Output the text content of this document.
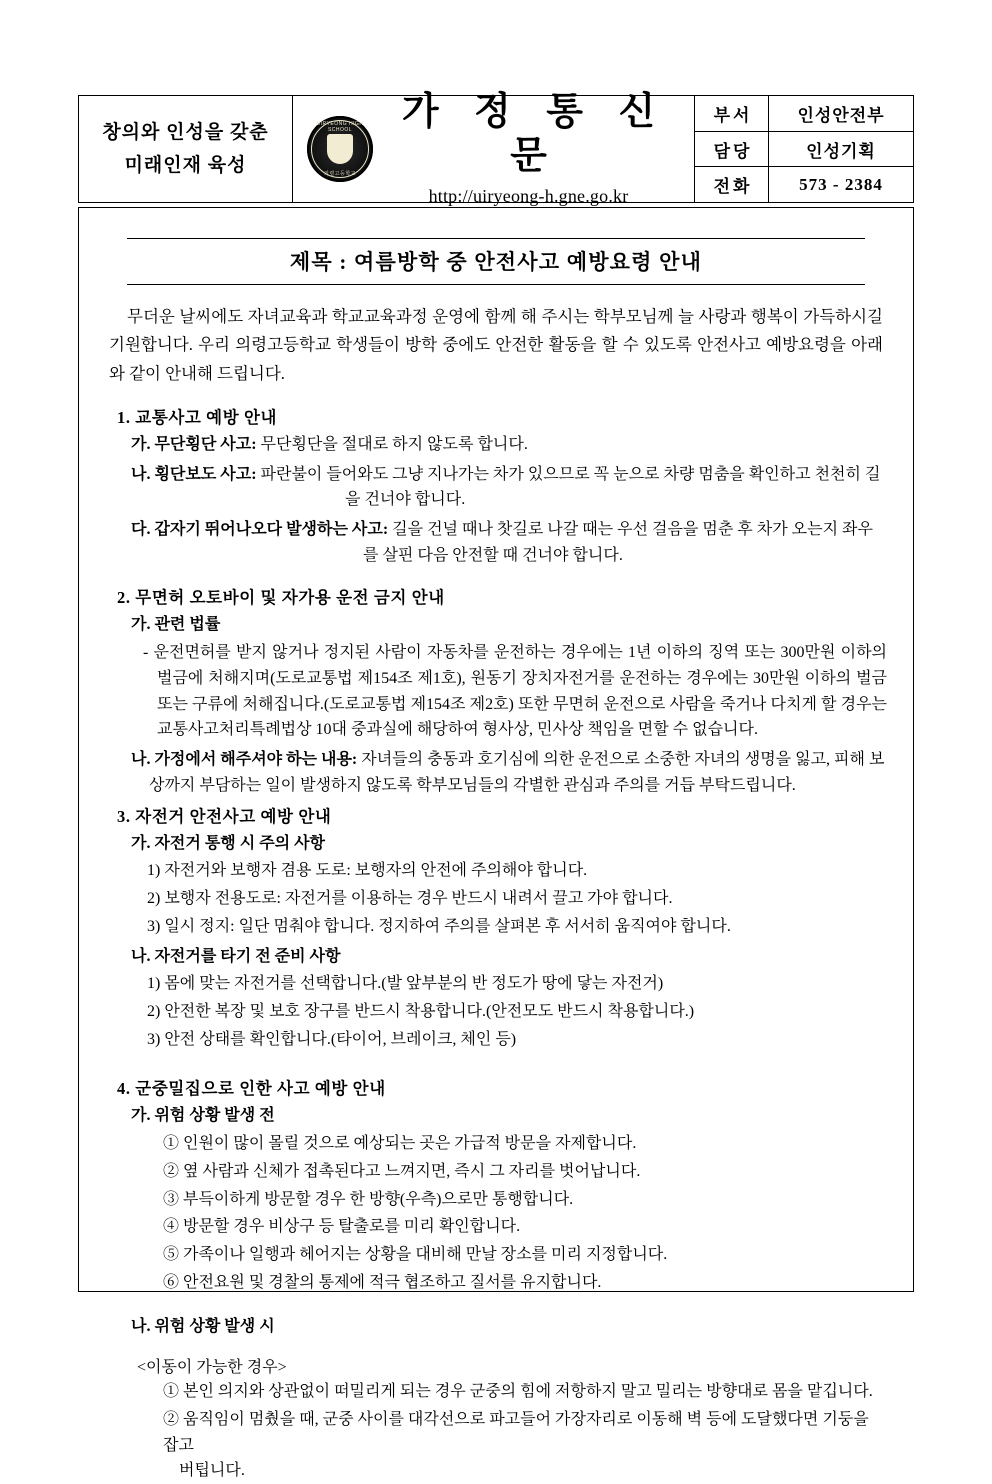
창의와 인성을 갖춘
미래인재 육성
UIRYEONG HIGH SCHOOL
의령고등학교
가 정 통 신 문
http://uiryeong-h.gne.go.kr
부서	인성안전부
담당	인성기획
전화	573 - 2384
제목 : 여름방학 중 안전사고 예방요령 안내

무더운 날씨에도 자녀교육과 학교교육과정 운영에 함께 해 주시는 학부모님께 늘 사랑과 행복이 가득하시길 기원합니다. 우리 의령고등학교 학생들이 방학 중에도 안전한 활동을 할 수 있도록 안전사고 예방요령을 아래와 같이 안내해 드립니다.

1. 교통사고 예방 안내
가. 무단횡단 사고: 무단횡단을 절대로 하지 않도록 합니다.
나. 횡단보도 사고: 파란불이 들어와도 그냥 지나가는 차가 있으므로 꼭 눈으로 차량 멈춤을 확인하고 천천히 길
을 건너야 합니다.
다. 갑자기 뛰어나오다 발생하는 사고: 길을 건널 때나 찻길로 나갈 때는 우선 걸음을 멈춘 후 차가 오는지 좌우
를 살핀 다음 안전할 때 건너야 합니다.
2. 무면허 오토바이 및 자가용 운전 금지 안내
가. 관련 법률
- 운전면허를 받지 않거나 정지된 사람이 자동차를 운전하는 경우에는 1년 이하의 징역 또는 300만원 이하의 벌금에 처해지며(도로교통법 제154조 제1호), 원동기 장치자전거를 운전하는 경우에는 30만원 이하의 벌금 또는 구류에 처해집니다.(도로교통법 제154조 제2호) 또한 무면허 운전으로 사람을 죽거나 다치게 할 경우는 교통사고처리특례법상 10대 중과실에 해당하여 형사상, 민사상 책임을 면할 수 없습니다.
나. 가정에서 해주셔야 하는 내용: 자녀들의 충동과 호기심에 의한 운전으로 소중한 자녀의 생명을 잃고, 피해 보
상까지 부담하는 일이 발생하지 않도록 학부모님들의 각별한 관심과 주의를 거듭 부탁드립니다.
3. 자전거 안전사고 예방 안내
가. 자전거 통행 시 주의 사항
1) 자전거와 보행자 겸용 도로: 보행자의 안전에 주의해야 합니다.
2) 보행자 전용도로: 자전거를 이용하는 경우 반드시 내려서 끌고 가야 합니다.
3) 일시 정지: 일단 멈춰야 합니다. 정지하여 주의를 살펴본 후 서서히 움직여야 합니다.
나. 자전거를 타기 전 준비 사항
1) 몸에 맞는 자전거를 선택합니다.(발 앞부분의 반 정도가 땅에 닿는 자전거)
2) 안전한 복장 및 보호 장구를 반드시 착용합니다.(안전모도 반드시 착용합니다.)
3) 안전 상태를 확인합니다.(타이어, 브레이크, 체인 등)
4. 군중밀집으로 인한 사고 예방 안내
가. 위험 상황 발생 전
① 인원이 많이 몰릴 것으로 예상되는 곳은 가급적 방문을 자제합니다.
② 옆 사람과 신체가 접촉된다고 느껴지면, 즉시 그 자리를 벗어납니다.
③ 부득이하게 방문할 경우 한 방향(우측)으로만 통행합니다.
④ 방문할 경우 비상구 등 탈출로를 미리 확인합니다.
⑤ 가족이나 일행과 헤어지는 상황을 대비해 만날 장소를 미리 지정합니다.
⑥ 안전요원 및 경찰의 통제에 적극 협조하고 질서를 유지합니다.
나. 위험 상황 발생 시
<이동이 가능한 경우>
① 본인 의지와 상관없이 떠밀리게 되는 경우 군중의 힘에 저항하지 말고 밀리는 방향대로 몸을 맡깁니다.
② 움직임이 멈췄을 때, 군중 사이를 대각선으로 파고들어 가장자리로 이동해 벽 등에 도달했다면 기둥을 잡고
버팁니다.
